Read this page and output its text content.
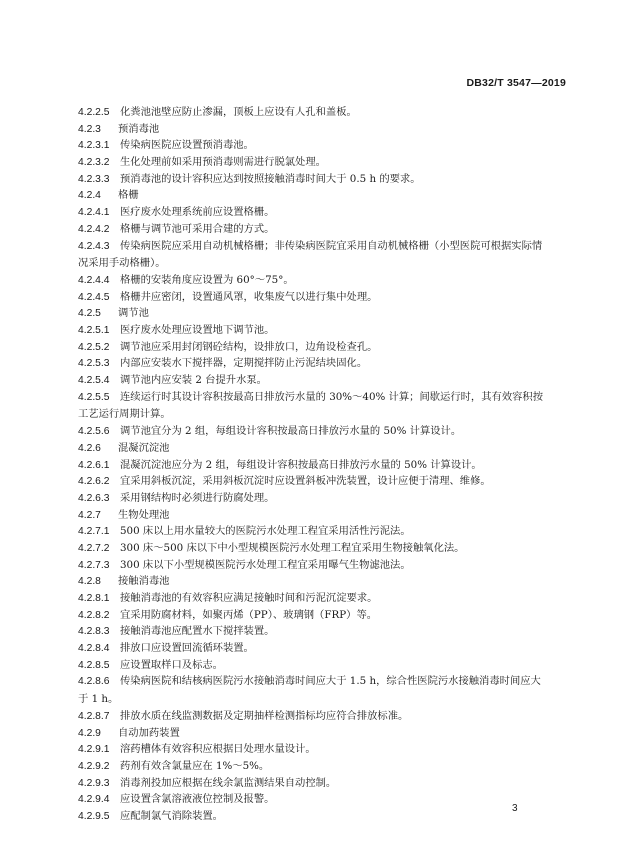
DB32/T 3547—2019
4.2.2.5 化粪池池壁应防止渗漏，顶板上应设有人孔和盖板。
4.2.3 预消毒池
4.2.3.1 传染病医院应设置预消毒池。
4.2.3.2 生化处理前如采用预消毒则需进行脱氯处理。
4.2.3.3 预消毒池的设计容积应达到按照接触消毒时间大于 0.5 h 的要求。
4.2.4 格栅
4.2.4.1 医疗废水处理系统前应设置格栅。
4.2.4.2 格栅与调节池可采用合建的方式。
4.2.4.3 传染病医院应采用自动机械格栅；非传染病医院宜采用自动机械格栅（小型医院可根据实际情
况采用手动格栅）。
4.2.4.4 格栅的安装角度应设置为 60°～75°。
4.2.4.5 格栅井应密闭，设置通风罩，收集废气以进行集中处理。
4.2.5 调节池
4.2.5.1 医疗废水处理应设置地下调节池。
4.2.5.2 调节池应采用封闭钢砼结构，设排放口，边角设检查孔。
4.2.5.3 内部应安装水下搅拌器，定期搅拌防止污泥结块固化。
4.2.5.4 调节池内应安装 2 台提升水泵。
4.2.5.5 连续运行时其设计容积按最高日排放污水量的 30%～40% 计算；间歇运行时，其有效容积按
工艺运行周期计算。
4.2.5.6 调节池宜分为 2 组，每组设计容积按最高日排放污水量的 50% 计算设计。
4.2.6 混凝沉淀池
4.2.6.1 混凝沉淀池应分为 2 组，每组设计容积按最高日排放污水量的 50% 计算设计。
4.2.6.2 宜采用斜板沉淀，采用斜板沉淀时应设置斜板冲洗装置，设计应便于清理、维修。
4.2.6.3 采用钢结构时必须进行防腐处理。
4.2.7 生物处理池
4.2.7.1 500 床以上用水量较大的医院污水处理工程宜采用活性污泥法。
4.2.7.2 300 床～500 床以下中小型规模医院污水处理工程宜采用生物接触氧化法。
4.2.7.3 300 床以下小型规模医院污水处理工程宜采用曝气生物滤池法。
4.2.8 接触消毒池
4.2.8.1 接触消毒池的有效容积应满足接触时间和污泥沉淀要求。
4.2.8.2 宜采用防腐材料，如聚丙烯（PP）、玻璃钢（FRP）等。
4.2.8.3 接触消毒池应配置水下搅拌装置。
4.2.8.4 排放口应设置回流循环装置。
4.2.8.5 应设置取样口及标志。
4.2.8.6 传染病医院和结核病医院污水接触消毒时间应大于 1.5 h，综合性医院污水接触消毒时间应大
于 1 h。
4.2.8.7 排放水质在线监测数据及定期抽样检测指标均应符合排放标准。
4.2.9 自动加药装置
4.2.9.1 溶药槽体有效容积应根据日处理水量设计。
4.2.9.2 药剂有效含氯量应在 1%～5%。
4.2.9.3 消毒剂投加应根据在线余氯监测结果自动控制。
4.2.9.4 应设置含氯溶液液位控制及报警。
4.2.9.5 应配制氯气消除装置。
3
